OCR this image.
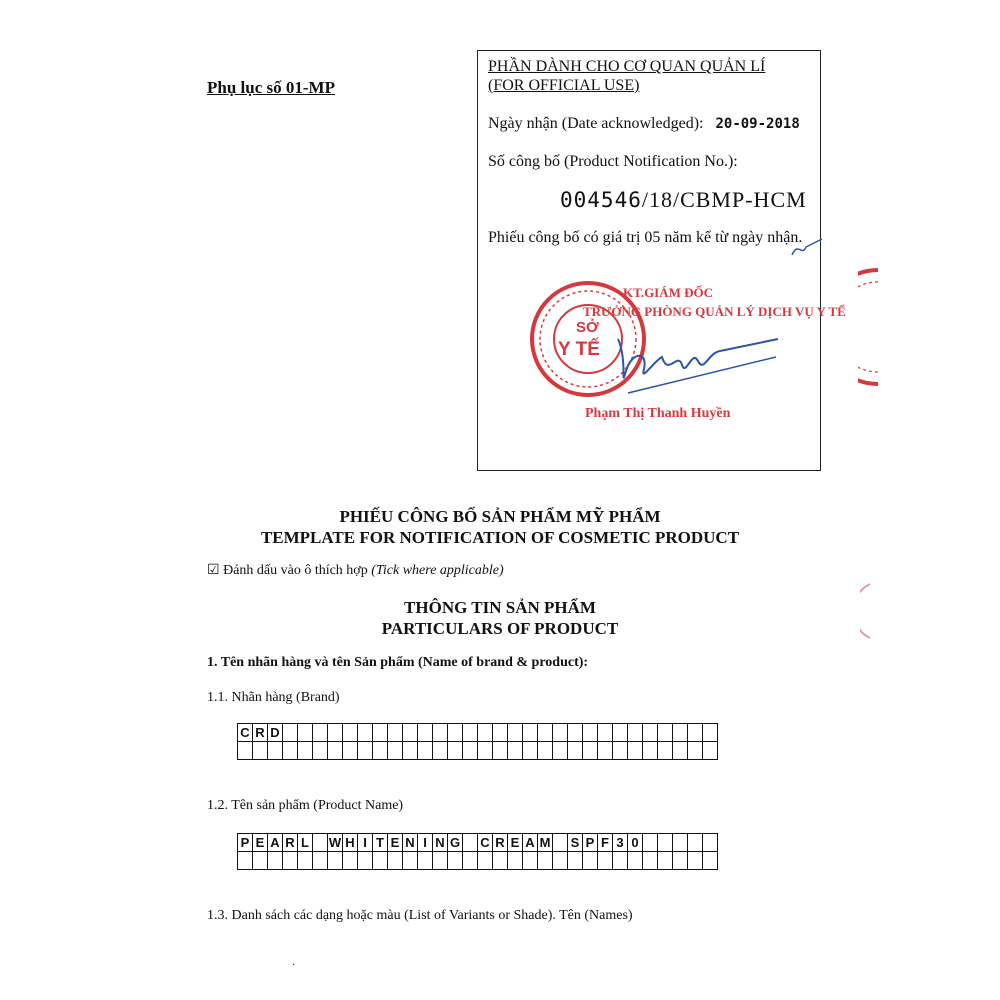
Phụ lục số 01-MP
PHẦN DÀNH CHO CƠ QUAN QUẢN LÍ
(FOR OFFICIAL USE)
Ngày nhận (Date acknowledged): 20-09-2018
Số công bố (Product Notification No.):
004546/18/CBMP-HCM
Phiếu công bố có giá trị 05 năm kể từ ngày nhận.
SỞ
Y TẾ
KT.GIÁM ĐỐC
TRƯỞNG PHÒNG QUẢN LÝ DỊCH VỤ Y TẾ
Phạm Thị Thanh Huyền
PHIẾU CÔNG BỐ SẢN PHẨM MỸ PHẨM
TEMPLATE FOR NOTIFICATION OF COSMETIC PRODUCT
☑ Đánh dấu vào ô thích hợp (Tick where applicable)
THÔNG TIN SẢN PHẨM
PARTICULARS OF PRODUCT
1. Tên nhãn hàng và tên Sản phẩm (Name of brand & product):
1.1. Nhãn hàng (Brand)
C	R	D																													

1.2. Tên sản phẩm (Product Name)
P	E	A	R	L		W	H	I	T	E	N	I	N	G		C	R	E	A	M		S	P	F	3	0					

1.3. Danh sách các dạng hoặc màu (List of Variants or Shade). Tên (Names)
·
